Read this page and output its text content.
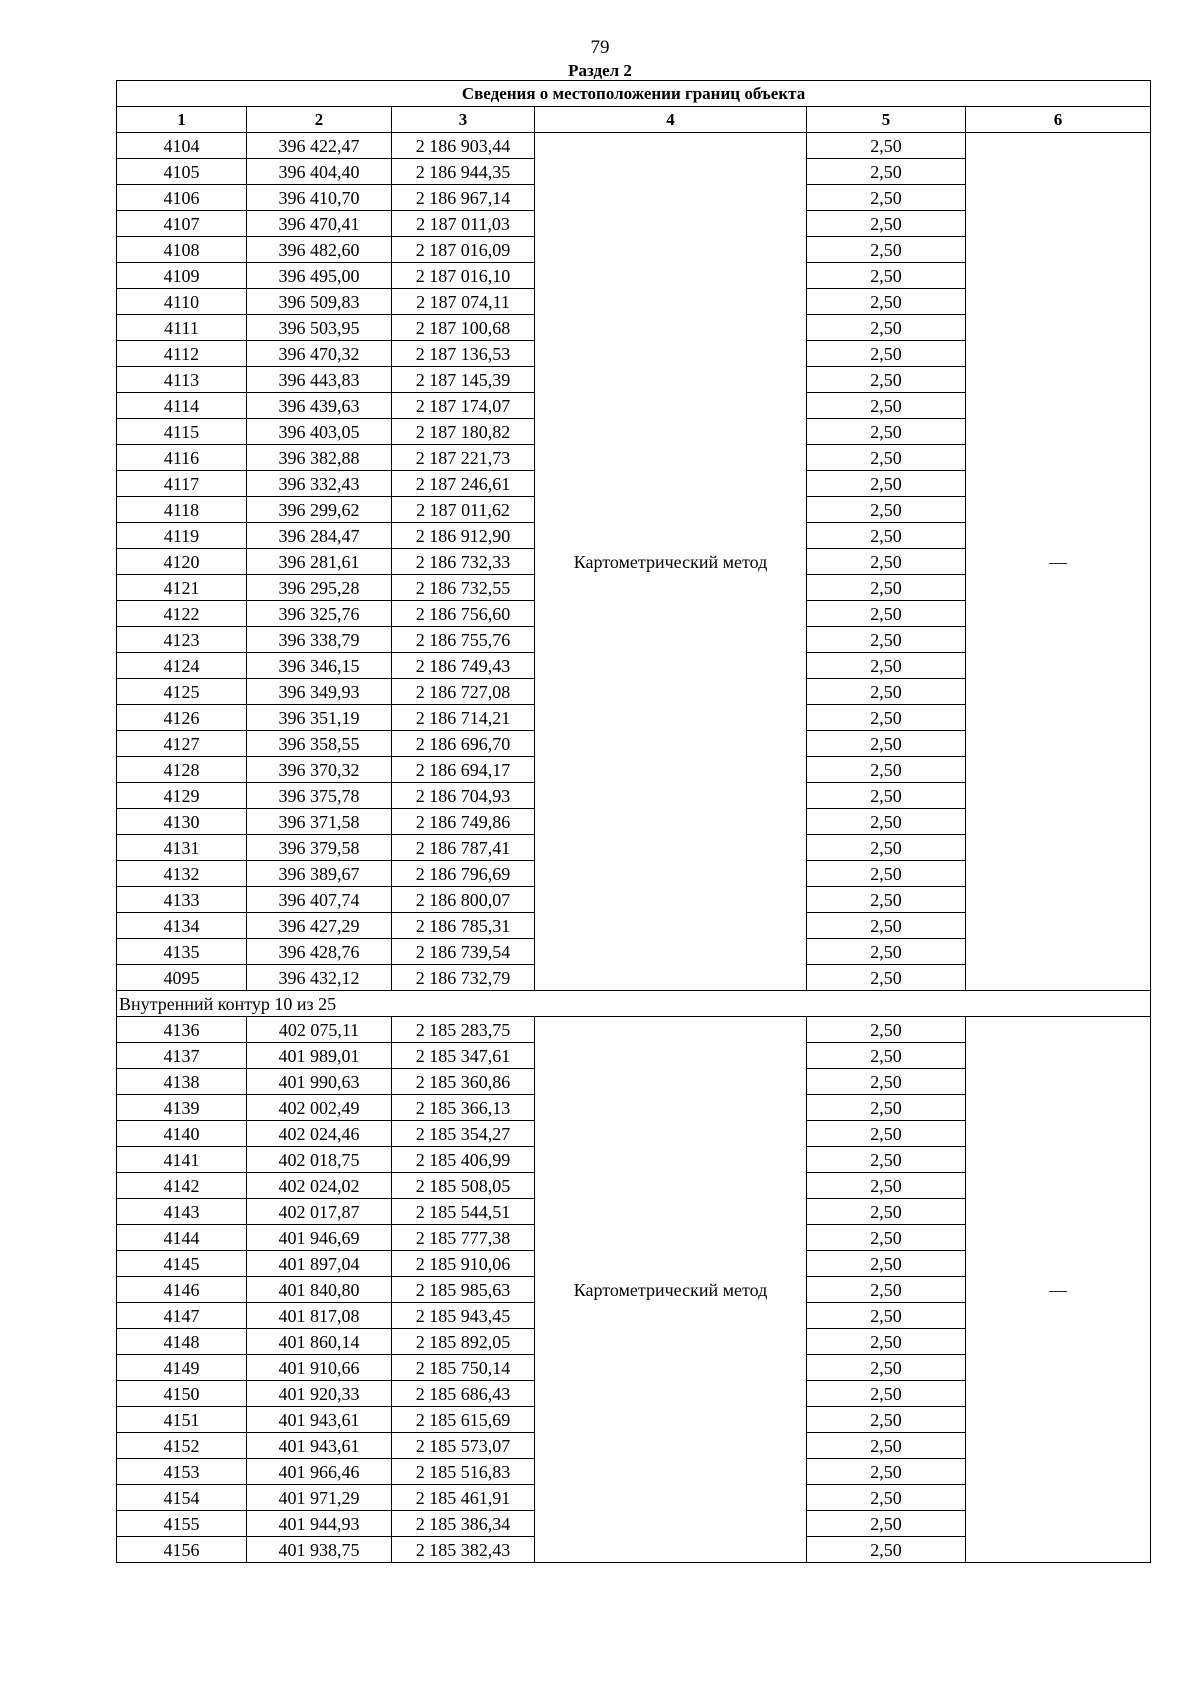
79
Раздел 2
Сведения о местоположении границ объекта					
1	2	3	4	5	6
4104	396 422,47	2 186 903,44	Картометрический метод	2,50	—
4105	396 404,40	2 186 944,35		2,50	
4106	396 410,70	2 186 967,14		2,50	
4107	396 470,41	2 187 011,03		2,50	
4108	396 482,60	2 187 016,09		2,50	
4109	396 495,00	2 187 016,10		2,50	
4110	396 509,83	2 187 074,11		2,50	
4111	396 503,95	2 187 100,68		2,50	
4112	396 470,32	2 187 136,53		2,50	
4113	396 443,83	2 187 145,39		2,50	
4114	396 439,63	2 187 174,07		2,50	
4115	396 403,05	2 187 180,82		2,50	
4116	396 382,88	2 187 221,73		2,50	
4117	396 332,43	2 187 246,61		2,50	
4118	396 299,62	2 187 011,62		2,50	
4119	396 284,47	2 186 912,90		2,50	
4120	396 281,61	2 186 732,33		2,50	
4121	396 295,28	2 186 732,55		2,50	
4122	396 325,76	2 186 756,60		2,50	
4123	396 338,79	2 186 755,76		2,50	
4124	396 346,15	2 186 749,43		2,50	
4125	396 349,93	2 186 727,08		2,50	
4126	396 351,19	2 186 714,21		2,50	
4127	396 358,55	2 186 696,70		2,50	
4128	396 370,32	2 186 694,17		2,50	
4129	396 375,78	2 186 704,93		2,50	
4130	396 371,58	2 186 749,86		2,50	
4131	396 379,58	2 186 787,41		2,50	
4132	396 389,67	2 186 796,69		2,50	
4133	396 407,74	2 186 800,07		2,50	
4134	396 427,29	2 186 785,31		2,50	
4135	396 428,76	2 186 739,54		2,50	
4095	396 432,12	2 186 732,79		2,50	
Внутренний контур 10 из 25					
4136	402 075,11	2 185 283,75	Картометрический метод	2,50	—
4137	401 989,01	2 185 347,61		2,50	
4138	401 990,63	2 185 360,86		2,50	
4139	402 002,49	2 185 366,13		2,50	
4140	402 024,46	2 185 354,27		2,50	
4141	402 018,75	2 185 406,99		2,50	
4142	402 024,02	2 185 508,05		2,50	
4143	402 017,87	2 185 544,51		2,50	
4144	401 946,69	2 185 777,38		2,50	
4145	401 897,04	2 185 910,06		2,50	
4146	401 840,80	2 185 985,63		2,50	
4147	401 817,08	2 185 943,45		2,50	
4148	401 860,14	2 185 892,05		2,50	
4149	401 910,66	2 185 750,14		2,50	
4150	401 920,33	2 185 686,43		2,50	
4151	401 943,61	2 185 615,69		2,50	
4152	401 943,61	2 185 573,07		2,50	
4153	401 966,46	2 185 516,83		2,50	
4154	401 971,29	2 185 461,91		2,50	
4155	401 944,93	2 185 386,34		2,50	
4156	401 938,75	2 185 382,43		2,50	
